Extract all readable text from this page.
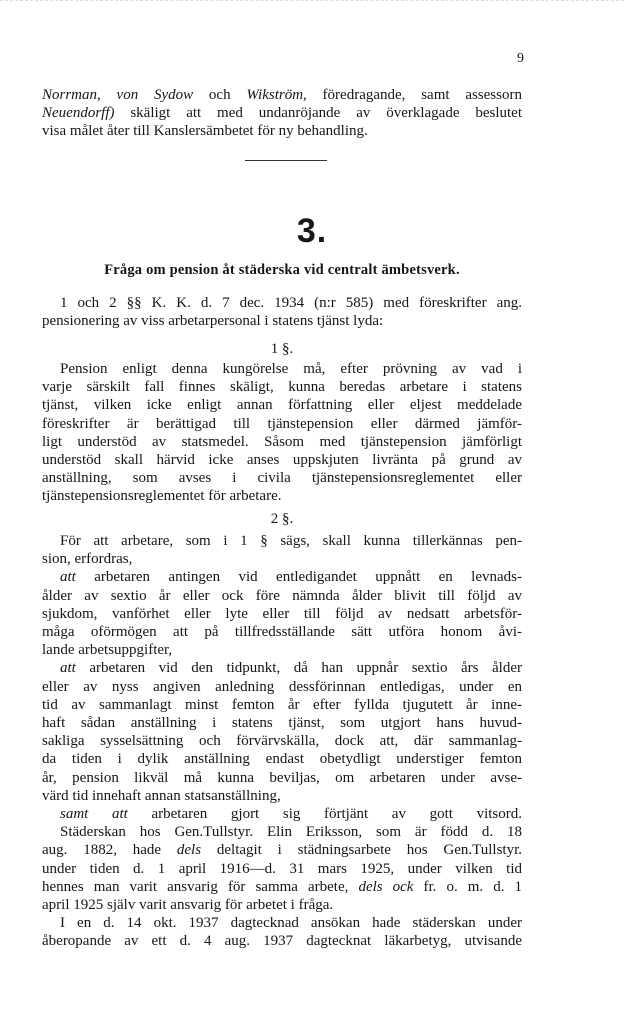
9
Norrman, von Sydow och Wikström, föredragande, samt assessorn
Neuendorff) skäligt att med undanröjande av överklagade beslutet
visa målet åter till Kanslersämbetet för ny behandling.
3.
Fråga om pension åt städerska vid centralt ämbetsverk.
1 och 2 §§ K. K. d. 7 dec. 1934 (n:r 585) med föreskrifter ang.
pensionering av viss arbetarpersonal i statens tjänst lyda:
1 §.
Pension enligt denna kungörelse må, efter prövning av vad i
varje särskilt fall finnes skäligt, kunna beredas arbetare i statens
tjänst, vilken icke enligt annan författning eller eljest meddelade
föreskrifter är berättigad till tjänstepension eller därmed jämför-
ligt understöd av statsmedel. Såsom med tjänstepension jämförligt
understöd skall härvid icke anses uppskjuten livränta på grund av
anställning, som avses i civila tjänstepensionsreglementet eller
tjänstepensionsreglementet för arbetare.
2 §.
För att arbetare, som i 1 § sägs, skall kunna tillerkännas pen-
sion, erfordras,
att arbetaren antingen vid entledigandet uppnått en levnads-
ålder av sextio år eller ock före nämnda ålder blivit till följd av
sjukdom, vanförhet eller lyte eller till följd av nedsatt arbetsför-
måga oförmögen att på tillfredsställande sätt utföra honom åvi-
lande arbetsuppgifter,
att arbetaren vid den tidpunkt, då han uppnår sextio års ålder
eller av nyss angiven anledning dessförinnan entledigas, under en
tid av sammanlagt minst femton år efter fyllda tjugutett år inne-
haft sådan anställning i statens tjänst, som utgjort hans huvud-
sakliga sysselsättning och förvärvskälla, dock att, där sammanlag-
da tiden i dylik anställning endast obetydligt understiger femton
år, pension likväl må kunna beviljas, om arbetaren under avse-
värd tid innehaft annan statsanställning,
samt att arbetaren gjort sig förtjänt av gott vitsord.
Städerskan hos Gen.Tullstyr. Elin Eriksson, som är född d. 18
aug. 1882, hade dels deltagit i städningsarbete hos Gen.Tullstyr.
under tiden d. 1 april 1916—d. 31 mars 1925, under vilken tid
hennes man varit ansvarig för samma arbete, dels ock fr. o. m. d. 1
april 1925 själv varit ansvarig för arbetet i fråga.
I en d. 14 okt. 1937 dagtecknad ansökan hade städerskan under
åberopande av ett d. 4 aug. 1937 dagtecknat läkarbetyg, utvisande
